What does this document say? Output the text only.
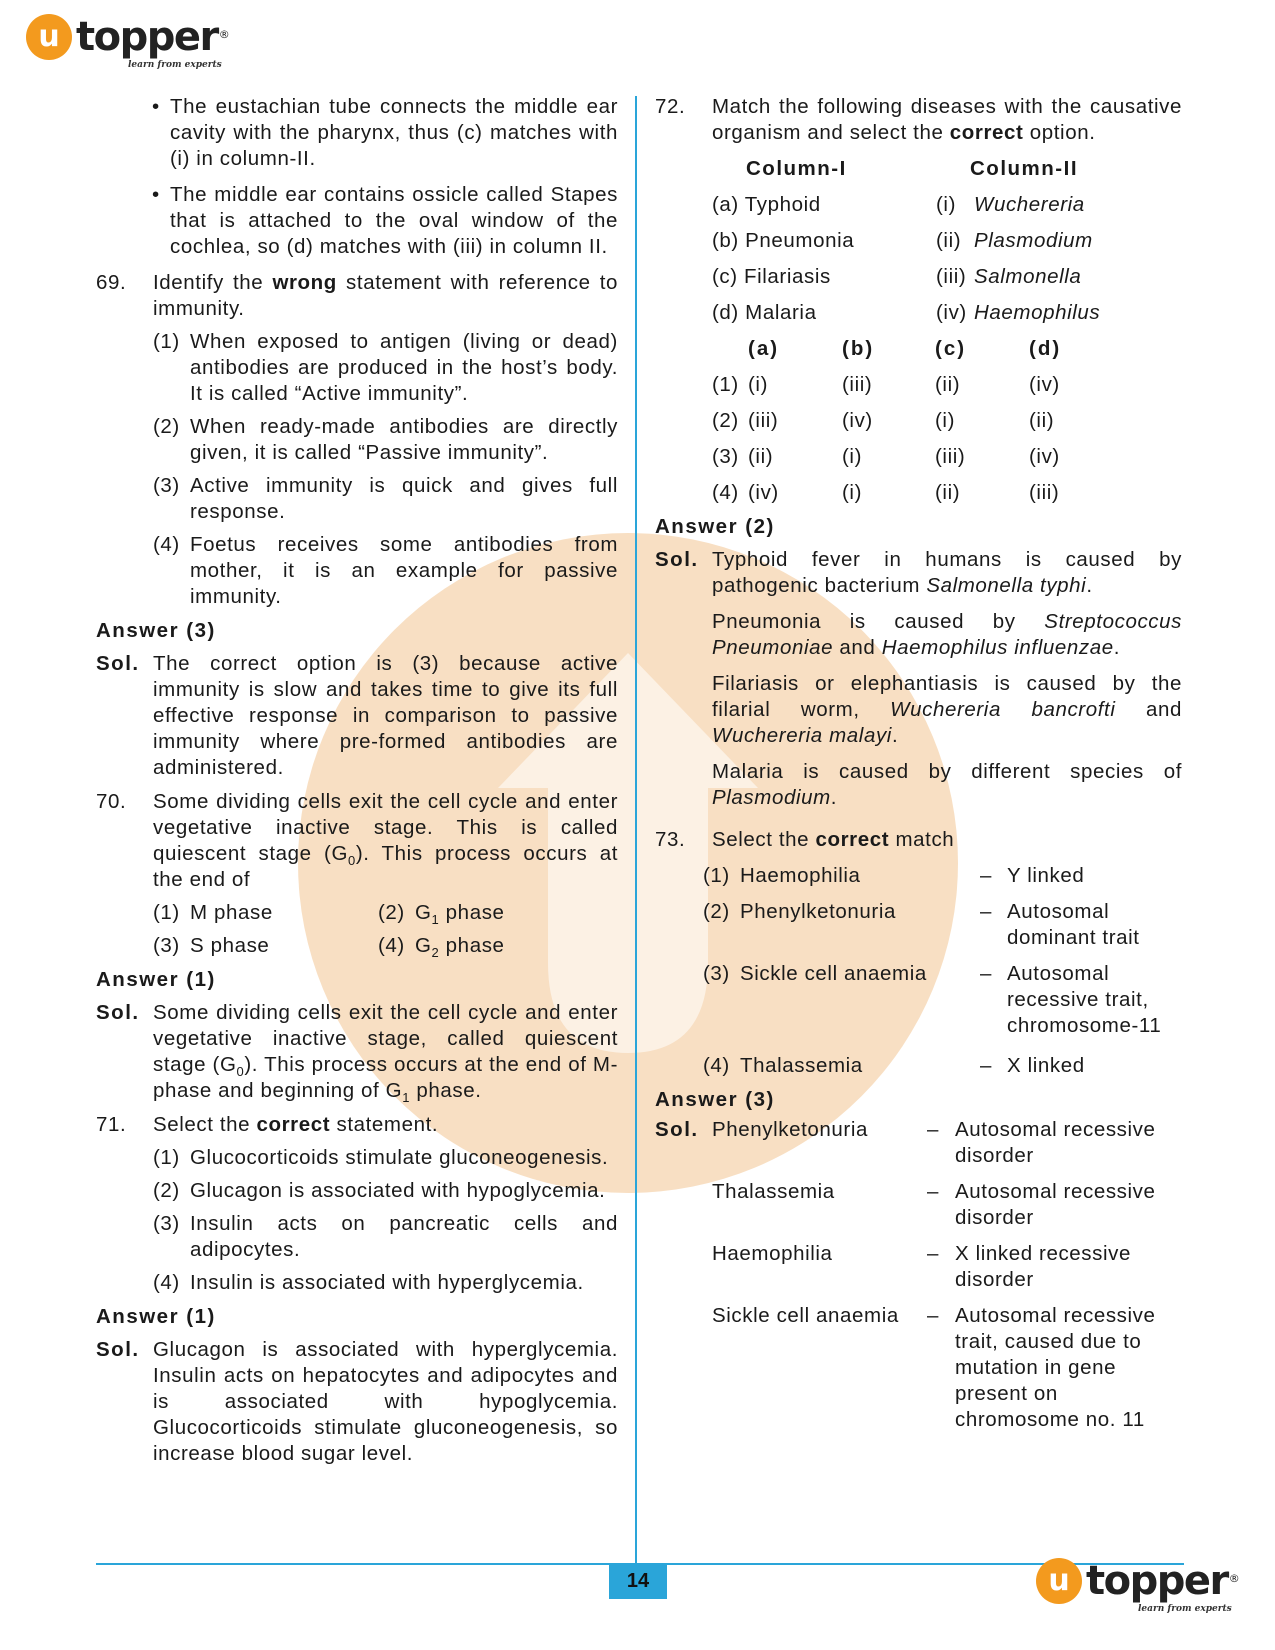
u topper ®
learn from experts
• The eustachian tube connects the middle ear cavity with the pharynx, thus (c) matches with (i) in column-II.
• The middle ear contains ossicle called Stapes that is attached to the oval window of the cochlea, so (d) matches with (iii) in column II.
69.	Identify the wrong statement with reference to immunity.
(1) When exposed to antigen (living or dead) antibodies are produced in the host’s body. It is called “Active immunity”.
(2) When ready-made antibodies are directly given, it is called “Passive immunity”.
(3) Active immunity is quick and gives full response.
(4) Foetus receives some antibodies from mother, it is an example for passive immunity.
Answer (3)
Sol. The correct option is (3) because active immunity is slow and takes time to give its full effective response in comparison to passive immunity where pre-formed antibodies are administered.
70.	Some dividing cells exit the cell cycle and enter vegetative inactive stage. This is called quiescent stage $(G_0)$. This process occurs at the end of
(1) M phase	(2) $G_1$ phase
(3) S phase	(4) $G_2$ phase
Answer (1)
Sol. Some dividing cells exit the cell cycle and enter vegetative inactive stage, called quiescent stage $(G_0)$. This process occurs at the end of M-phase and beginning of $G_1$ phase.
71.	Select the correct statement.
(1) Glucocorticoids stimulate gluconeogenesis.
(2) Glucagon is associated with hypoglycemia.
(3) Insulin acts on pancreatic cells and adipocytes.
(4) Insulin is associated with hyperglycemia.
Answer (1)
Sol. Glucagon is associated with hyperglycemia. Insulin acts on hepatocytes and adipocytes and is associated with hypoglycemia. Glucocorticoids stimulate gluconeogenesis, so increase blood sugar level.
72.	Match the following diseases with the causative organism and select the correct option.
Column-I	Column-II
(a) Typhoid	(i) Wuchereria
(b) Pneumonia	(ii) Plasmodium
(c) Filariasis	(iii) Salmonella
(d) Malaria	(iv) Haemophilus
(a)	(b)	(c)	(d)
(1) (i)	(iii)	(ii)	(iv)
(2) (iii)	(iv)	(i)	(ii)
(3) (ii)	(i)	(iii)	(iv)
(4) (iv)	(i)	(ii)	(iii)
Answer (2)
Sol. Typhoid fever in humans is caused by pathogenic bacterium Salmonella typhi.
Pneumonia is caused by Streptococcus Pneumoniae and Haemophilus influenzae.
Filariasis or elephantiasis is caused by the filarial worm, Wuchereria bancrofti and Wuchereria malayi.
Malaria is caused by different species of Plasmodium.
73.	Select the correct match
(1) Haemophilia	– Y linked
(2) Phenylketonuria	– Autosomal dominant trait
(3) Sickle cell anaemia	– Autosomal recessive trait, chromosome-11
(4) Thalassemia	– X linked
Answer (3)
Sol. Phenylketonuria	– Autosomal recessive disorder
Thalassemia	– Autosomal recessive disorder
Haemophilia	– X linked recessive disorder
Sickle cell anaemia	– Autosomal recessive trait, caused due to mutation in gene present on chromosome no. 11
14	u topper ®
learn from experts
